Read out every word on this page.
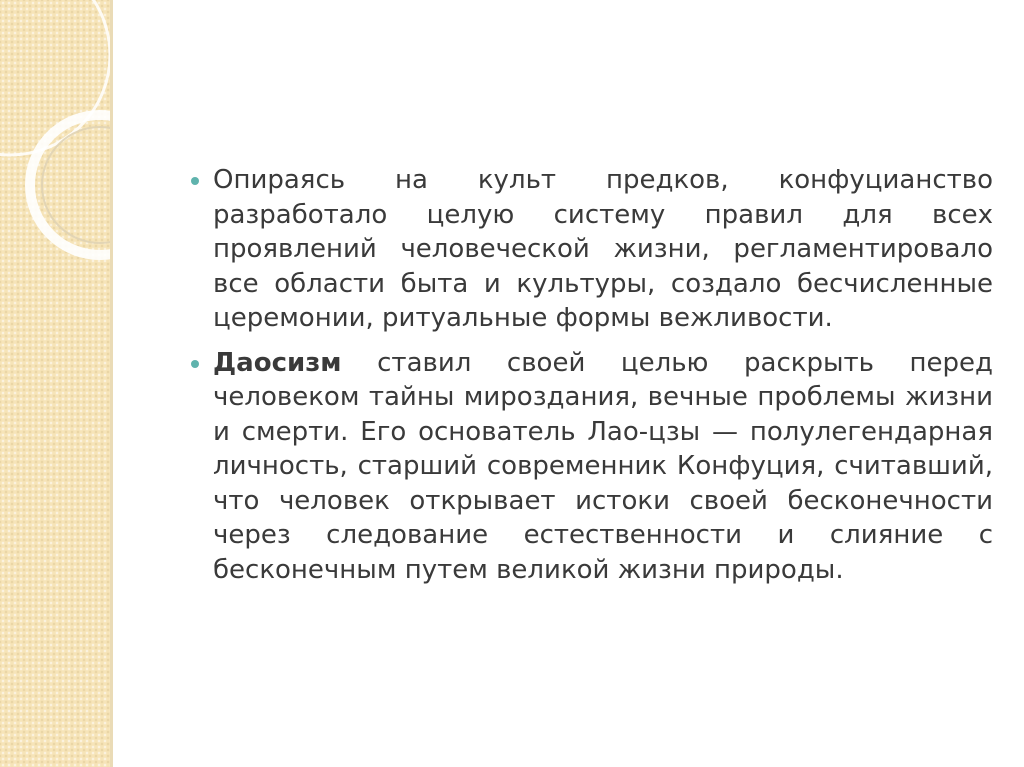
Опираясь на культ предков, конфуцианство разработало целую систему правил для всех проявлений человеческой жизни, регламентировало все области быта и культуры, создало бесчисленные церемонии, ритуальные формы вежливости.

Даосизм ставил своей целью раскрыть перед человеком тайны мироздания, вечные проблемы жизни и смерти. Его основатель Лао-цзы — полулегендарная личность, старший современник Конфуция, считавший, что человек открывает истоки своей бесконечности через следование естественности и слияние с бесконечным путем великой жизни природы.
